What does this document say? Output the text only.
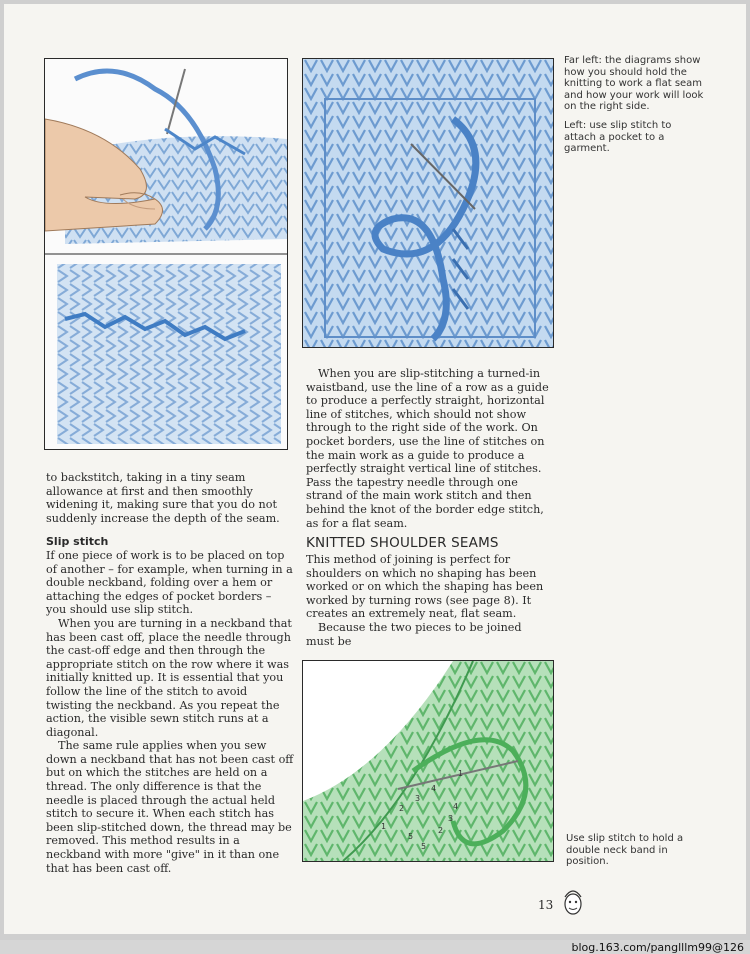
1
2
3
4
5
2
3
4
5
1

Far left: the diagrams show how you should hold the knitting to work a flat seam and how your work will look on the right side.

Left: use slip stitch to attach a pocket to a garment.

Use slip stitch to hold a double neck band in position.

to backstitch, taking in a tiny seam allowance at first and then smoothly widening it, making sure that you do not suddenly increase the depth of the seam.

Slip stitch

If one piece of work is to be placed on top of another – for example, when turning in a double neckband, folding over a hem or attaching the edges of pocket borders – you should use slip stitch.

When you are turning in a neckband that has been cast off, place the needle through the cast-off edge and then through the appropriate stitch on the row where it was initially knitted up. It is essential that you follow the line of the stitch to avoid twisting the neckband. As you repeat the action, the visible sewn stitch runs at a diagonal.

The same rule applies when you sew down a neckband that has not been cast off but on which the stitches are held on a thread. The only difference is that the needle is placed through the actual held stitch to secure it. When each stitch has been slip-stitched down, the thread may be removed. This method results in a neckband with more "give" in it than one that has been cast off.

When you are slip-stitching a turned-in waistband, use the line of a row as a guide to produce a perfectly straight, horizontal line of stitches, which should not show through to the right side of the work. On pocket borders, use the line of stitches on the main work as a guide to produce a perfectly straight vertical line of stitches. Pass the tapestry needle through one strand of the main work stitch and then behind the knot of the border edge stitch, as for a flat seam.

KNITTED SHOULDER SEAMS

This method of joining is perfect for shoulders on which no shaping has been worked or on which the shaping has been worked by turning rows (see page 8). It creates an extremely neat, flat seam.

Because the two pieces to be joined must be

13
blog.163.com/panglllm99@126
